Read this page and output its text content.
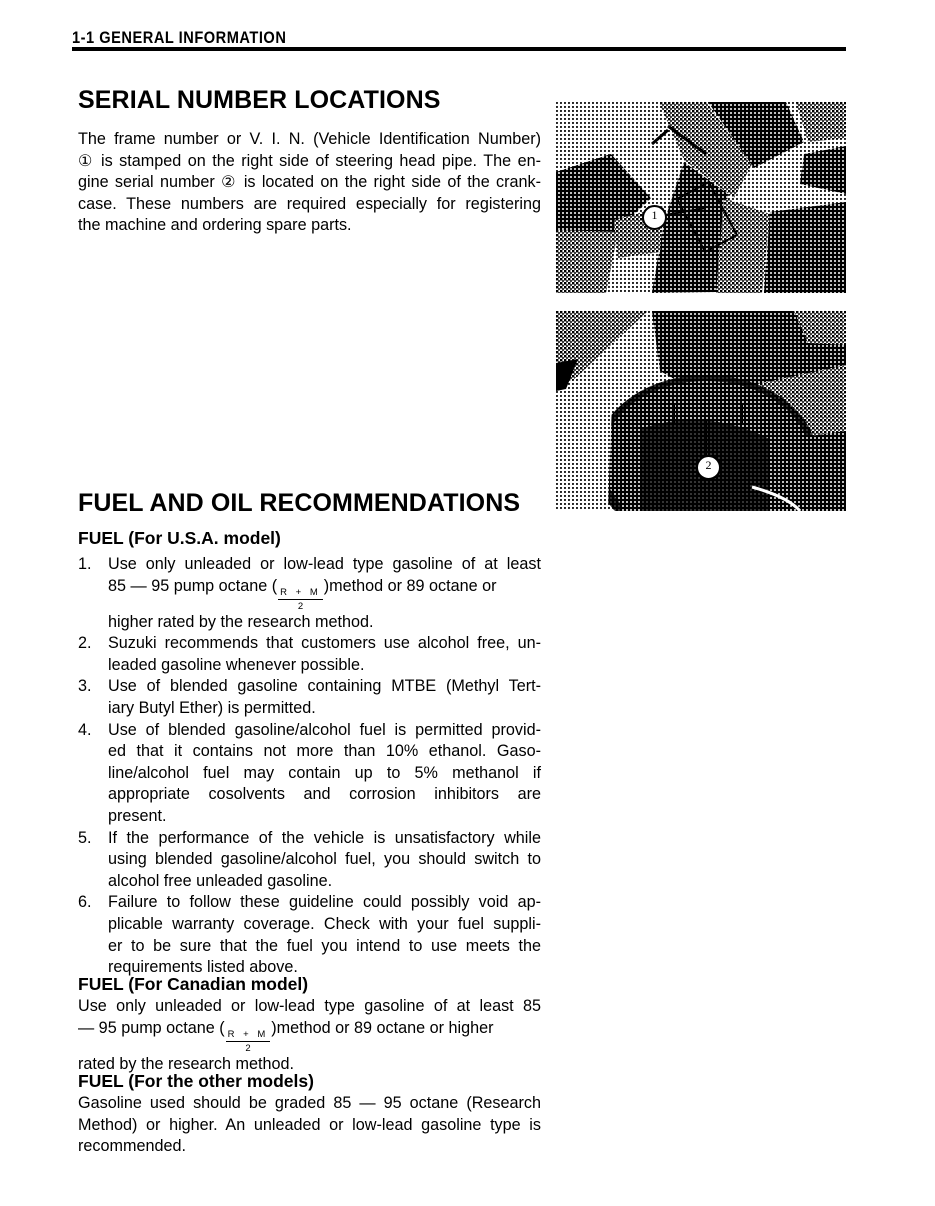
1-1 GENERAL INFORMATION
SERIAL NUMBER LOCATIONS

The frame number or V. I. N. (Vehicle Identification Number)
① is stamped on the right side of steering head pipe. The en-
gine serial number ② is located on the right side of the crank-
case. These numbers are required especially for registering
the machine and ordering spare parts.

1
2
FUEL AND OIL RECOMMENDATIONS
FUEL (For U.S.A. model)
1.	Use only unleaded or low-lead type gasoline of at least
85 — 95 pump octane (
$\frac{R + M}{2}$
)method or 89 octane or
higher rated by the research method.
2.	Suzuki recommends that customers use alcohol free, un-
leaded gasoline whenever possible.
3.	Use of blended gasoline containing MTBE (Methyl Tert-
iary Butyl Ether) is permitted.
4.	Use of blended gasoline/alcohol fuel is permitted provid-
ed that it contains not more than 10% ethanol. Gaso-
line/alcohol fuel may contain up to 5% methanol if
appropriate cosolvents and corrosion inhibitors are
present.
5.	If the performance of the vehicle is unsatisfactory while
using blended gasoline/alcohol fuel, you should switch to
alcohol free unleaded gasoline.
6.	Failure to follow these guideline could possibly void ap-
plicable warranty coverage. Check with your fuel suppli-
er to be sure that the fuel you intend to use meets the
requirements listed above.
FUEL (For Canadian model)

Use only unleaded or low-lead type gasoline of at least 85
— 95 pump octane (
$\frac{R + M}{2}$
)method or 89 octane or higher
rated by the research method.

FUEL (For the other models)

Gasoline used should be graded 85 — 95 octane (Research
Method) or higher. An unleaded or low-lead gasoline type is
recommended.
